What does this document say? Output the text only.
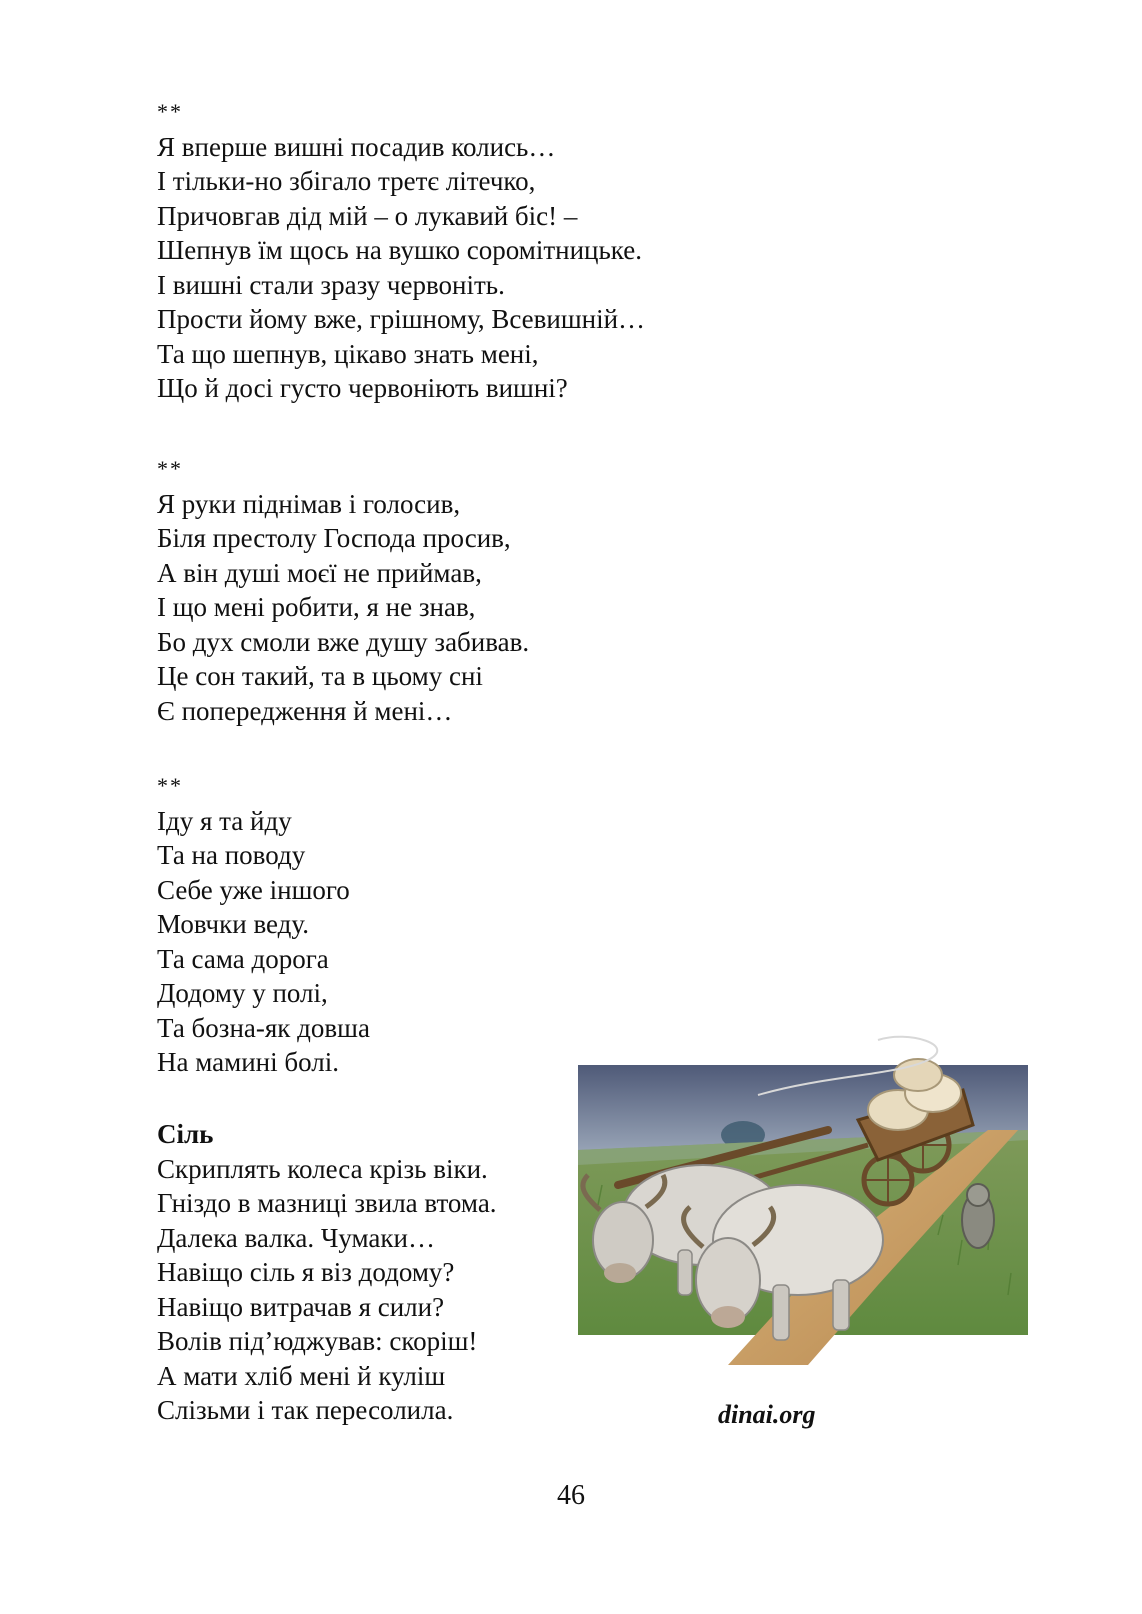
**
Я вперше вишні посадив колись…
І тільки-но збігало третє літечко,
Причовгав дід мій – о лукавий біс! –
Шепнув їм щось на вушко соромітницьке.
І вишні стали зразу червоніть.
Прости йому вже, грішному, Всевишній…
Та що шепнув, цікаво знать мені,
Що й досі густо червоніють вишні?
**
Я руки піднімав і голосив,
Біля престолу Господа просив,
А він душі моєї не приймав,
І що мені робити, я не знав,
Бо дух смоли вже душу забивав.
Це сон такий, та в цьому сні
Є попередження й мені…
**
Іду я та йду
Та на поводу
Себе уже іншого
Мовчки веду.
Та сама дорога
Додому у полі,
Та бозна-як довша
На мамині болі.
Сіль
Скриплять колеса крізь віки.
Гніздо в мазниці звила втома.
Далека валка. Чумаки…
Навіщо сіль я віз додому?
Навіщо витрачав я сили?
Волів під’юджував: скоріш!
А мати хліб мені й куліш
Слізьми і так пересолила.	dinai.org
46
